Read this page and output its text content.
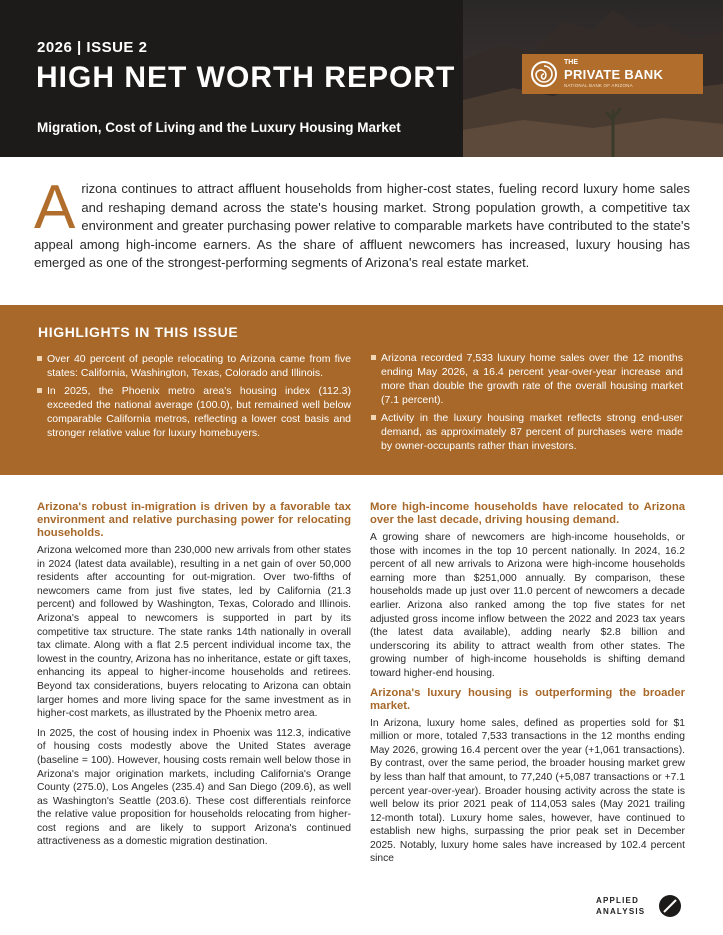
2026 | ISSUE 2
HIGH NET WORTH REPORT
Migration, Cost of Living and the Luxury Housing Market
THE
PRIVATE BANK
NATIONAL BANK OF ARIZONA
A rizona continues to attract affluent households from higher-cost states, fueling record luxury home sales and reshaping demand across the state's housing market. Strong population growth, a competitive tax environment and greater purchasing power relative to comparable markets have contributed to the state's appeal among high-income earners. As the share of affluent newcomers has increased, luxury housing has emerged as one of the strongest-performing segments of Arizona's real estate market.
HIGHLIGHTS IN THIS ISSUE

Over 40 percent of people relocating to Arizona came from five states: California, Washington, Texas, Colorado and Illinois.

In 2025, the Phoenix metro area's housing index (112.3) exceeded the national average (100.0), but remained well below comparable California metros, reflecting a lower cost basis and stronger relative value for luxury homebuyers.

Arizona recorded 7,533 luxury home sales over the 12 months ending May 2026, a 16.4 percent year-over-year increase and more than double the growth rate of the overall housing market (7.1 percent).

Activity in the luxury housing market reflects strong end-user demand, as approximately 87 percent of purchases were made by owner-occupants rather than investors.

Arizona's robust in-migration is driven by a favorable tax environment and relative purchasing power for relocating households.

Arizona welcomed more than 230,000 new arrivals from other states in 2024 (latest data available), resulting in a net gain of over 50,000 residents after accounting for out-migration. Over two-fifths of newcomers came from just five states, led by California (21.3 percent) and followed by Washington, Texas, Colorado and Illinois. Arizona's appeal to newcomers is supported in part by its competitive tax structure. The state ranks 14th nationally in overall tax climate. Along with a flat 2.5 percent individual income tax, the lowest in the country, Arizona has no inheritance, estate or gift taxes, enhancing its appeal to higher-income households and retirees. Beyond tax considerations, buyers relocating to Arizona can obtain larger homes and more living space for the same investment as in higher-cost markets, as illustrated by the Phoenix metro area.

In 2025, the cost of housing index in Phoenix was 112.3, indicative of housing costs modestly above the United States average (baseline = 100). However, housing costs remain well below those in Arizona's major origination markets, including California's Orange County (275.0), Los Angeles (235.4) and San Diego (209.6), as well as Washington's Seattle (203.6). These cost differentials reinforce the relative value proposition for households relocating from higher-cost regions and are likely to support Arizona's continued attractiveness as a domestic migration destination.

More high-income households have relocated to Arizona over the last decade, driving housing demand.

A growing share of newcomers are high-income households, or those with incomes in the top 10 percent nationally. In 2024, 16.2 percent of all new arrivals to Arizona were high-income households earning more than $251,000 annually. By comparison, these households made up just over 11.0 percent of newcomers a decade earlier. Arizona also ranked among the top five states for net adjusted gross income inflow between the 2022 and 2023 tax years (the latest data available), adding nearly $2.8 billion and underscoring its ability to attract wealth from other states. The growing number of high-income households is shifting demand toward higher-end housing.

Arizona's luxury housing is outperforming the broader market.

In Arizona, luxury home sales, defined as properties sold for $1 million or more, totaled 7,533 transactions in the 12 months ending May 2026, growing 16.4 percent over the year (+1,061 transactions). By contrast, over the same period, the broader housing market grew by less than half that amount, to 77,240 (+5,087 transactions or +7.1 percent year-over-year). Broader housing activity across the state is well below its prior 2021 peak of 114,053 sales (May 2021 trailing 12-month total). Luxury home sales, however, have continued to establish new highs, surpassing the prior peak set in December 2025. Notably, luxury home sales have increased by 102.4 percent since

APPLIED
ANALYSIS
